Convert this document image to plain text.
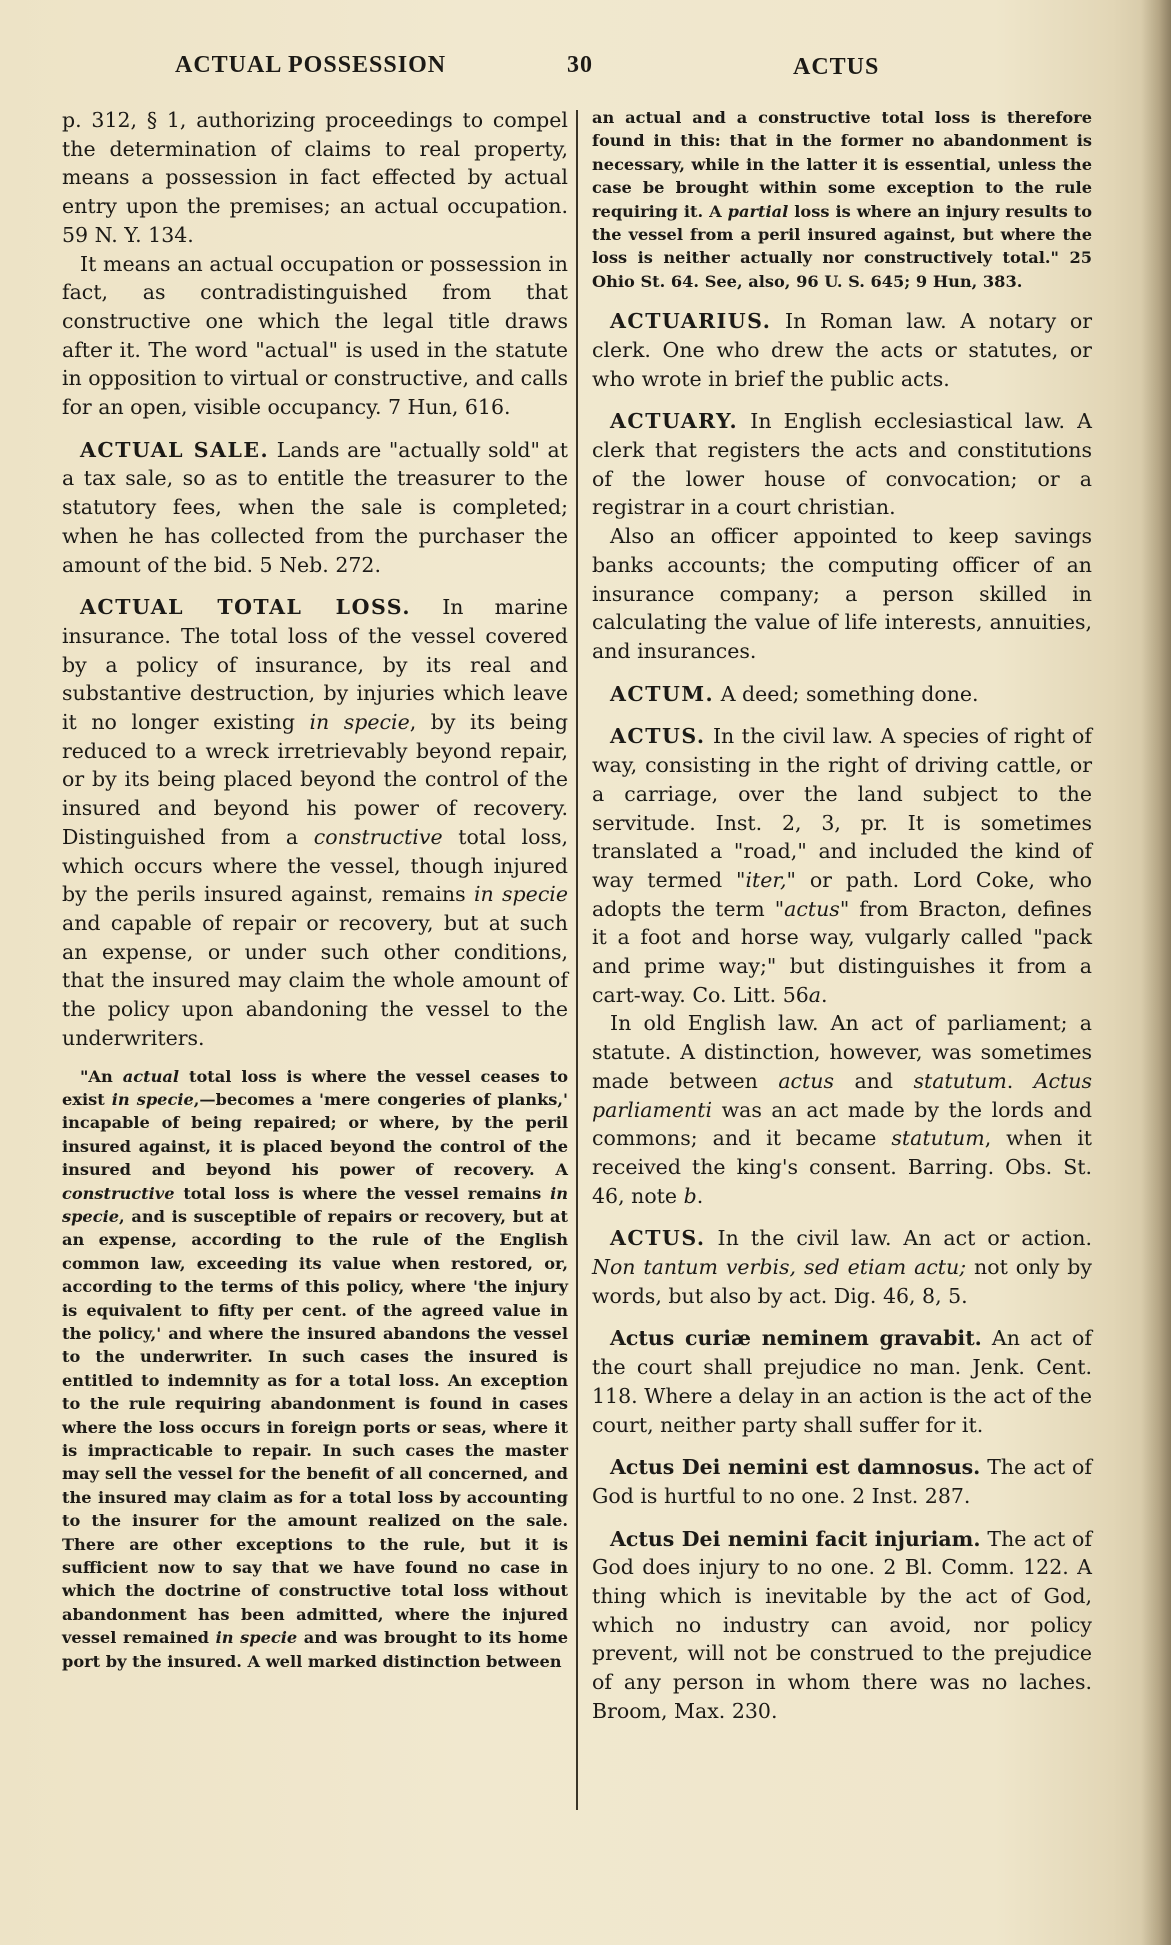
ACTUAL POSSESSION	30	ACTUS

p. 312, § 1, authorizing proceedings to compel the determination of claims to real property, means a possession in fact effected by actual entry upon the premises; an actual occupation. 59 N. Y. 134.

It means an actual occupation or possession in fact, as contradistinguished from that constructive one which the legal title draws after it. The word "actual" is used in the statute in opposition to virtual or constructive, and calls for an open, visible occupancy. 7 Hun, 616.

ACTUAL SALE. Lands are "actually sold" at a tax sale, so as to entitle the treasurer to the statutory fees, when the sale is completed; when he has collected from the purchaser the amount of the bid. 5 Neb. 272.

ACTUAL TOTAL LOSS. In marine insurance. The total loss of the vessel covered by a policy of insurance, by its real and substantive destruction, by injuries which leave it no longer existing in specie, by its being reduced to a wreck irretrievably beyond repair, or by its being placed beyond the control of the insured and beyond his power of recovery. Distinguished from a constructive total loss, which occurs where the vessel, though injured by the perils insured against, remains in specie and capable of repair or recovery, but at such an expense, or under such other conditions, that the insured may claim the whole amount of the policy upon abandoning the vessel to the underwriters.

"An actual total loss is where the vessel ceases to exist in specie,—becomes a 'mere congeries of planks,' incapable of being repaired; or where, by the peril insured against, it is placed beyond the control of the insured and beyond his power of recovery. A constructive total loss is where the vessel remains in specie, and is susceptible of repairs or recovery, but at an expense, according to the rule of the English common law, exceeding its value when restored, or, according to the terms of this policy, where 'the injury is equivalent to fifty per cent. of the agreed value in the policy,' and where the insured abandons the vessel to the underwriter. In such cases the insured is entitled to indemnity as for a total loss. An exception to the rule requiring abandonment is found in cases where the loss occurs in foreign ports or seas, where it is impracticable to repair. In such cases the master may sell the vessel for the benefit of all concerned, and the insured may claim as for a total loss by accounting to the insurer for the amount realized on the sale. There are other exceptions to the rule, but it is sufficient now to say that we have found no case in which the doctrine of constructive total loss without abandonment has been admitted, where the injured vessel remained in specie and was brought to its home port by the insured. A well marked distinction between

an actual and a constructive total loss is therefore found in this: that in the former no abandonment is necessary, while in the latter it is essential, unless the case be brought within some exception to the rule requiring it. A partial loss is where an injury results to the vessel from a peril insured against, but where the loss is neither actually nor constructively total." 25 Ohio St. 64. See, also, 96 U. S. 645; 9 Hun, 383.

ACTUARIUS. In Roman law. A notary or clerk. One who drew the acts or statutes, or who wrote in brief the public acts.

ACTUARY. In English ecclesiastical law. A clerk that registers the acts and constitutions of the lower house of convocation; or a registrar in a court christian.

Also an officer appointed to keep savings banks accounts; the computing officer of an insurance company; a person skilled in calculating the value of life interests, annuities, and insurances.

ACTUM. A deed; something done.

ACTUS. In the civil law. A species of right of way, consisting in the right of driving cattle, or a carriage, over the land subject to the servitude. Inst. 2, 3, pr. It is sometimes translated a "road," and included the kind of way termed "iter," or path. Lord Coke, who adopts the term "actus" from Bracton, defines it a foot and horse way, vulgarly called "pack and prime way;" but distinguishes it from a cart-way. Co. Litt. 56a.

In old English law. An act of parliament; a statute. A distinction, however, was sometimes made between actus and statutum. Actus parliamenti was an act made by the lords and commons; and it became statutum, when it received the king's consent. Barring. Obs. St. 46, note b.

ACTUS. In the civil law. An act or action. Non tantum verbis, sed etiam actu; not only by words, but also by act. Dig. 46, 8, 5.

Actus curiæ neminem gravabit. An act of the court shall prejudice no man. Jenk. Cent. 118. Where a delay in an action is the act of the court, neither party shall suffer for it.

Actus Dei nemini est damnosus. The act of God is hurtful to no one. 2 Inst. 287.

Actus Dei nemini facit injuriam. The act of God does injury to no one. 2 Bl. Comm. 122. A thing which is inevitable by the act of God, which no industry can avoid, nor policy prevent, will not be construed to the prejudice of any person in whom there was no laches. Broom, Max. 230.
